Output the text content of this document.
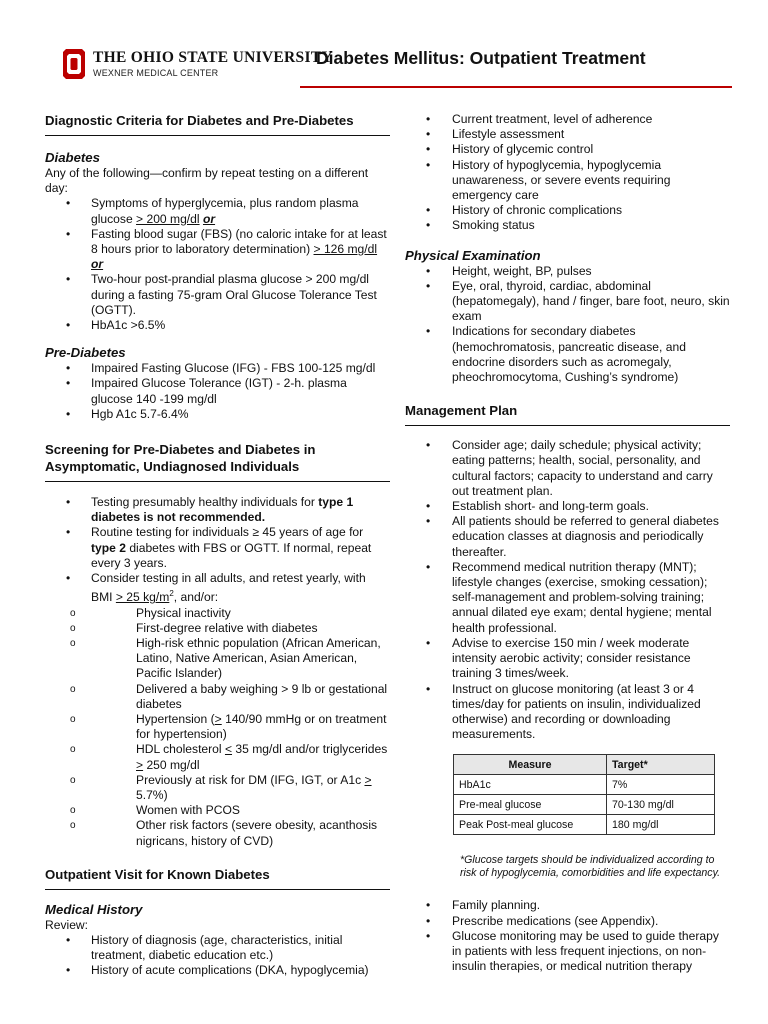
THE OHIO STATE UNIVERSITY
WEXNER MEDICAL CENTER
Diabetes Mellitus: Outpatient Treatment

Diagnostic Criteria for Diabetes and Pre-Diabetes

Diabetes

Any of the following—confirm by repeat testing on a different day:

• Symptoms of hyperglycemia, plus random plasma glucose > 200 mg/dl or
• Fasting blood sugar (FBS) (no caloric intake for at least 8 hours prior to laboratory determination) > 126 mg/dl or
• Two-hour post-prandial plasma glucose > 200 mg/dl during a fasting 75-gram Oral Glucose Tolerance Test (OGTT).
• HbA1c >6.5%

Pre-Diabetes

• Impaired Fasting Glucose (IFG) - FBS 100-125 mg/dl
• Impaired Glucose Tolerance (IGT) - 2-h. plasma glucose 140 -199 mg/dl
• Hgb A1c 5.7-6.4%

Screening for Pre-Diabetes and Diabetes in Asymptomatic, Undiagnosed Individuals

• Testing presumably healthy individuals for type 1 diabetes is not recommended.
• Routine testing for individuals ≥ 45 years of age for type 2 diabetes with FBS or OGTT. If normal, repeat every 3 years.
• Consider testing in all adults, and retest yearly, with BMI > 25 $kg/m^2$, and/or:
o Physical inactivity
o First-degree relative with diabetes
o High-risk ethnic population (African American, Latino, Native American, Asian American, Pacific Islander)
o Delivered a baby weighing > 9 lb or gestational diabetes
o Hypertension (> 140/90 mmHg or on treatment for hypertension)
o HDL cholesterol < 35 mg/dl and/or triglycerides > 250 mg/dl
o Previously at risk for DM (IFG, IGT, or A1c > 5.7%)
o Women with PCOS
o Other risk factors (severe obesity, acanthosis nigricans, history of CVD)

Outpatient Visit for Known Diabetes

Medical History

Review:

• History of diagnosis (age, characteristics, initial treatment, diabetic education etc.)
• History of acute complications (DKA, hypoglycemia)
• Current treatment, level of adherence
• Lifestyle assessment
• History of glycemic control
• History of hypoglycemia, hypoglycemia unawareness, or severe events requiring emergency care
• History of chronic complications
• Smoking status

Physical Examination

• Height, weight, BP, pulses
• Eye, oral, thyroid, cardiac, abdominal (hepatomegaly), hand / finger, bare foot, neuro, skin exam
• Indications for secondary diabetes (hemochromatosis, pancreatic disease, and endocrine disorders such as acromegaly, pheochromocytoma, Cushing’s syndrome)

Management Plan

• Consider age; daily schedule; physical activity; eating patterns; health, social, personality, and cultural factors; capacity to understand and carry out treatment plan.
• Establish short- and long-term goals.
• All patients should be referred to general diabetes education classes at diagnosis and periodically thereafter.
• Recommend medical nutrition therapy (MNT); lifestyle changes (exercise, smoking cessation); self-management and problem-solving training; annual dilated eye exam; dental hygiene; mental health professional.
• Advise to exercise 150 min / week moderate intensity aerobic activity; consider resistance training 3 times/week.
• Instruct on glucose monitoring (at least 3 or 4 times/day for patients on insulin, individualized otherwise) and recording or downloading measurements.
Measure	Target*
HbA1c	7%
Pre-meal glucose	70-130 mg/dl
Peak Post-meal glucose	180 mg/dl

*Glucose targets should be individualized according to risk of hypoglycemia, comorbidities and life expectancy.

• Family planning.
• Prescribe medications (see Appendix).
• Glucose monitoring may be used to guide therapy in patients with less frequent injections, on non-insulin therapies, or medical nutrition therapy
